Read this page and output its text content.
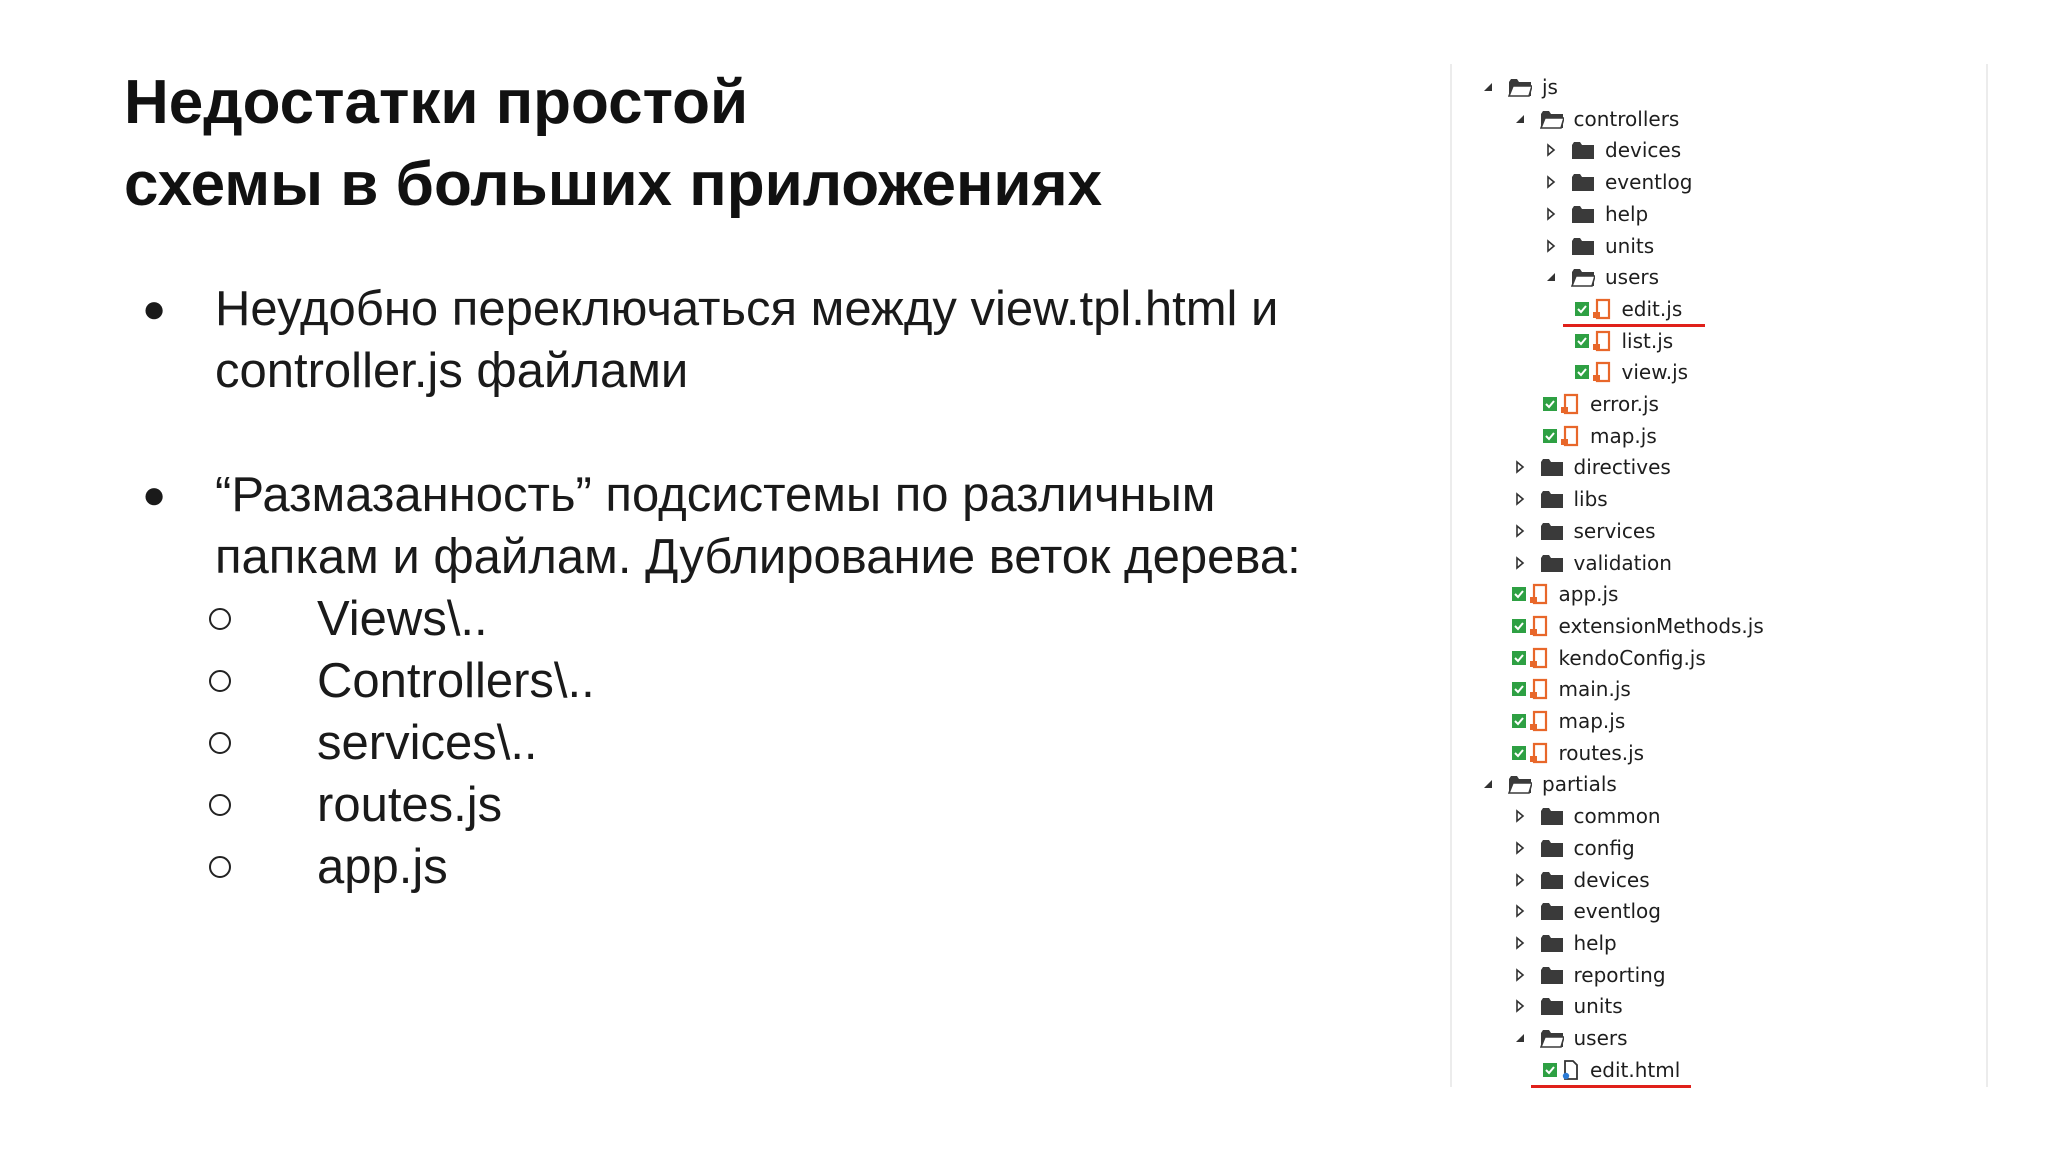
Недостатки простой
схемы в больших приложениях
● Неудобно переключаться между view.tpl.html и
controller.js файлами
● “Размазанность” подсистемы по различным
папкам и файлам. Дублирование веток дерева:
Views\..
Controllers\..
services\..
routes.js
app.js
js
controllers
devices
eventlog
help
units
users
edit.js
list.js
view.js
error.js
map.js
directives
libs
services
validation
app.js
extensionMethods.js
kendoConfig.js
main.js
map.js
routes.js
partials
common
config
devices
eventlog
help
reporting
units
users
edit.html
